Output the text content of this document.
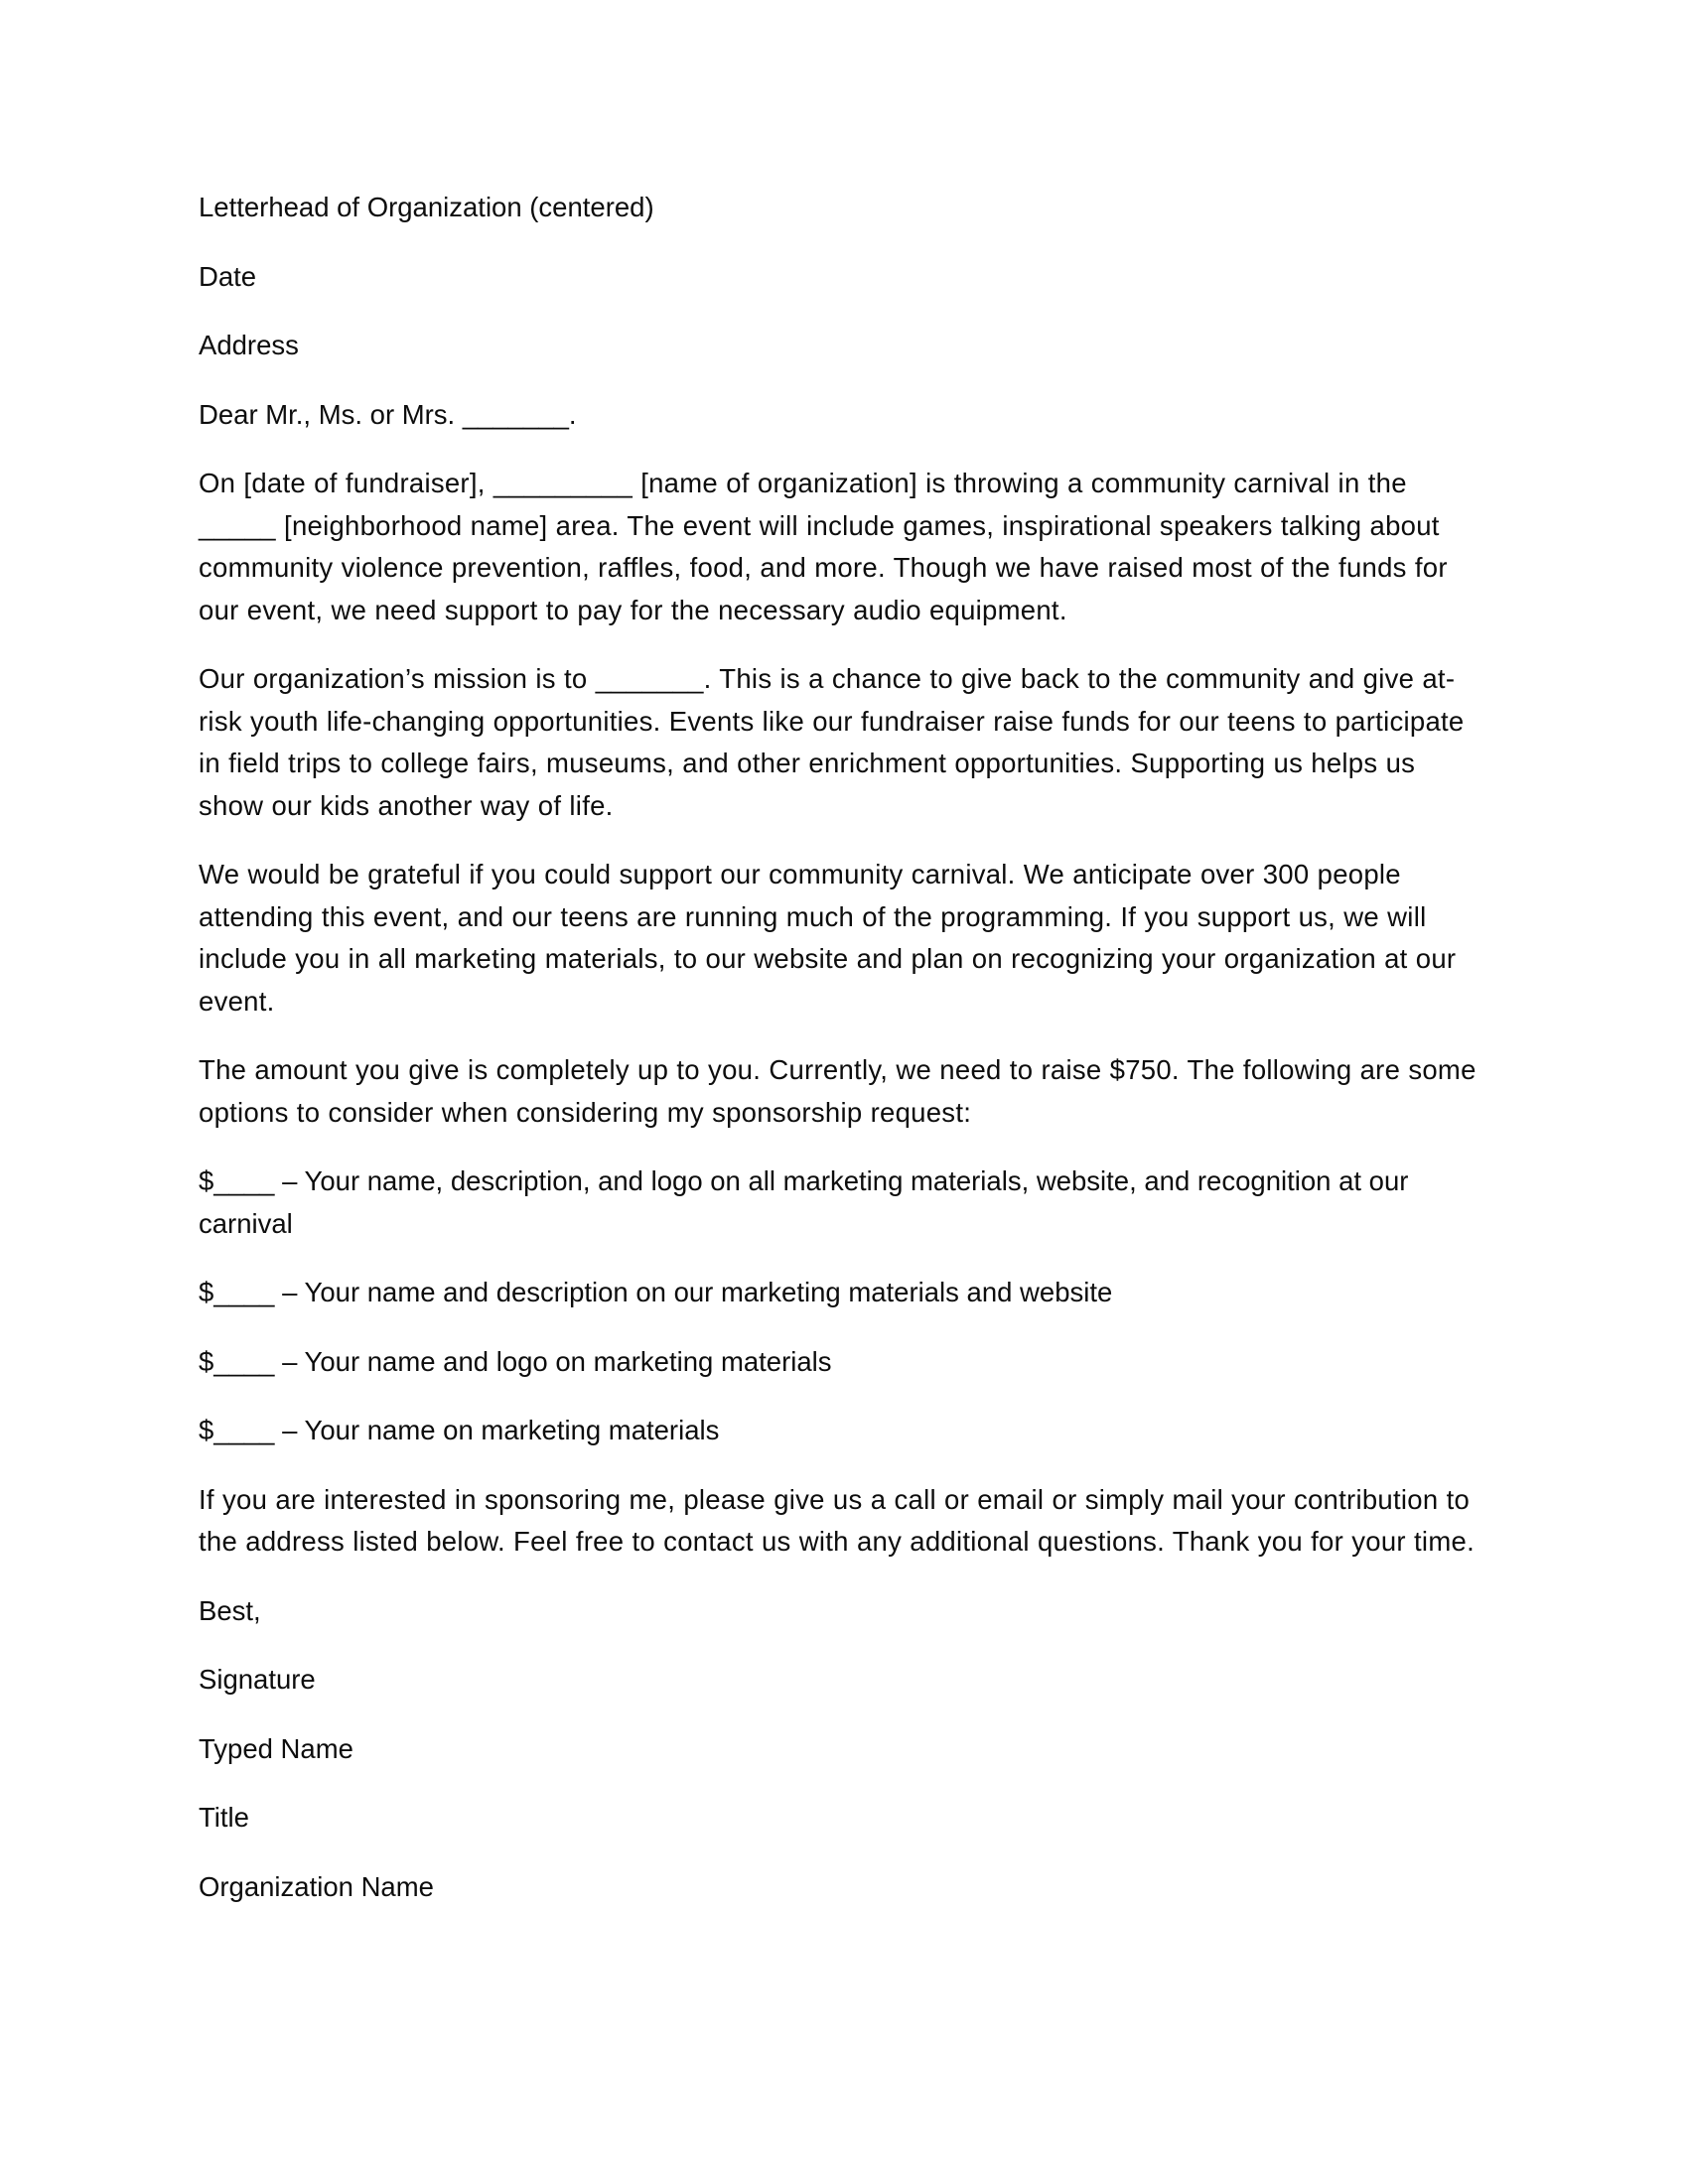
Letterhead of Organization (centered)

Date

Address

Dear Mr., Ms. or Mrs. _______.

On [date of fundraiser], _________ [name of organization] is throwing a community carnival in the _____ [neighborhood name] area. The event will include games, inspirational speakers talking about community violence prevention, raffles, food, and more. Though we have raised most of the funds for our event, we need support to pay for the necessary audio equipment.

Our organization’s mission is to _______. This is a chance to give back to the community and give at-risk youth life-changing opportunities. Events like our fundraiser raise funds for our teens to participate in field trips to college fairs, museums, and other enrichment opportunities. Supporting us helps us show our kids another way of life.

We would be grateful if you could support our community carnival. We anticipate over 300 people attending this event, and our teens are running much of the programming. If you support us, we will include you in all marketing materials, to our website and plan on recognizing your organization at our event.

The amount you give is completely up to you. Currently, we need to raise $750. The following are some options to consider when considering my sponsorship request:

$____ – Your name, description, and logo on all marketing materials, website, and recognition at our carnival

$____ – Your name and description on our marketing materials and website

$____ – Your name and logo on marketing materials

$____ – Your name on marketing materials

If you are interested in sponsoring me, please give us a call or email or simply mail your contribution to the address listed below. Feel free to contact us with any additional questions. Thank you for your time.

Best,

Signature

Typed Name

Title

Organization Name
